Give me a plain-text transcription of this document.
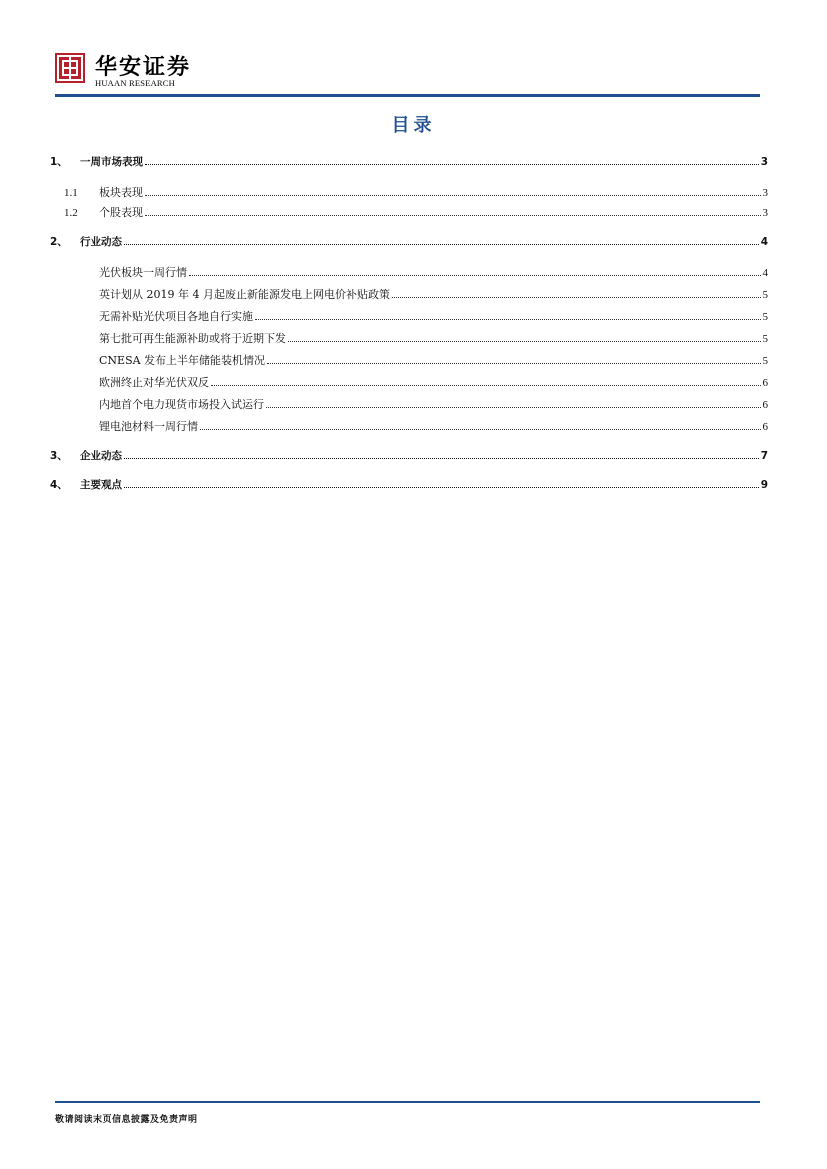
华安证券
HUAAN RESEARCH
目录
1、	一周市场表现	3
1.1	板块表现	3
1.2	个股表现	3
2、	行业动态	4
光伏板块一周行情	4
英计划从 2019 年 4 月起废止新能源发电上网电价补贴政策	5
无需补贴光伏项目各地自行实施	5
第七批可再生能源补助或将于近期下发	5
CNESA 发布上半年储能装机情况	5
欧洲终止对华光伏双反	6
内地首个电力现货市场投入试运行	6
锂电池材料一周行情	6
3、	企业动态	7
4、	主要观点	9
敬请阅读末页信息披露及免责声明
